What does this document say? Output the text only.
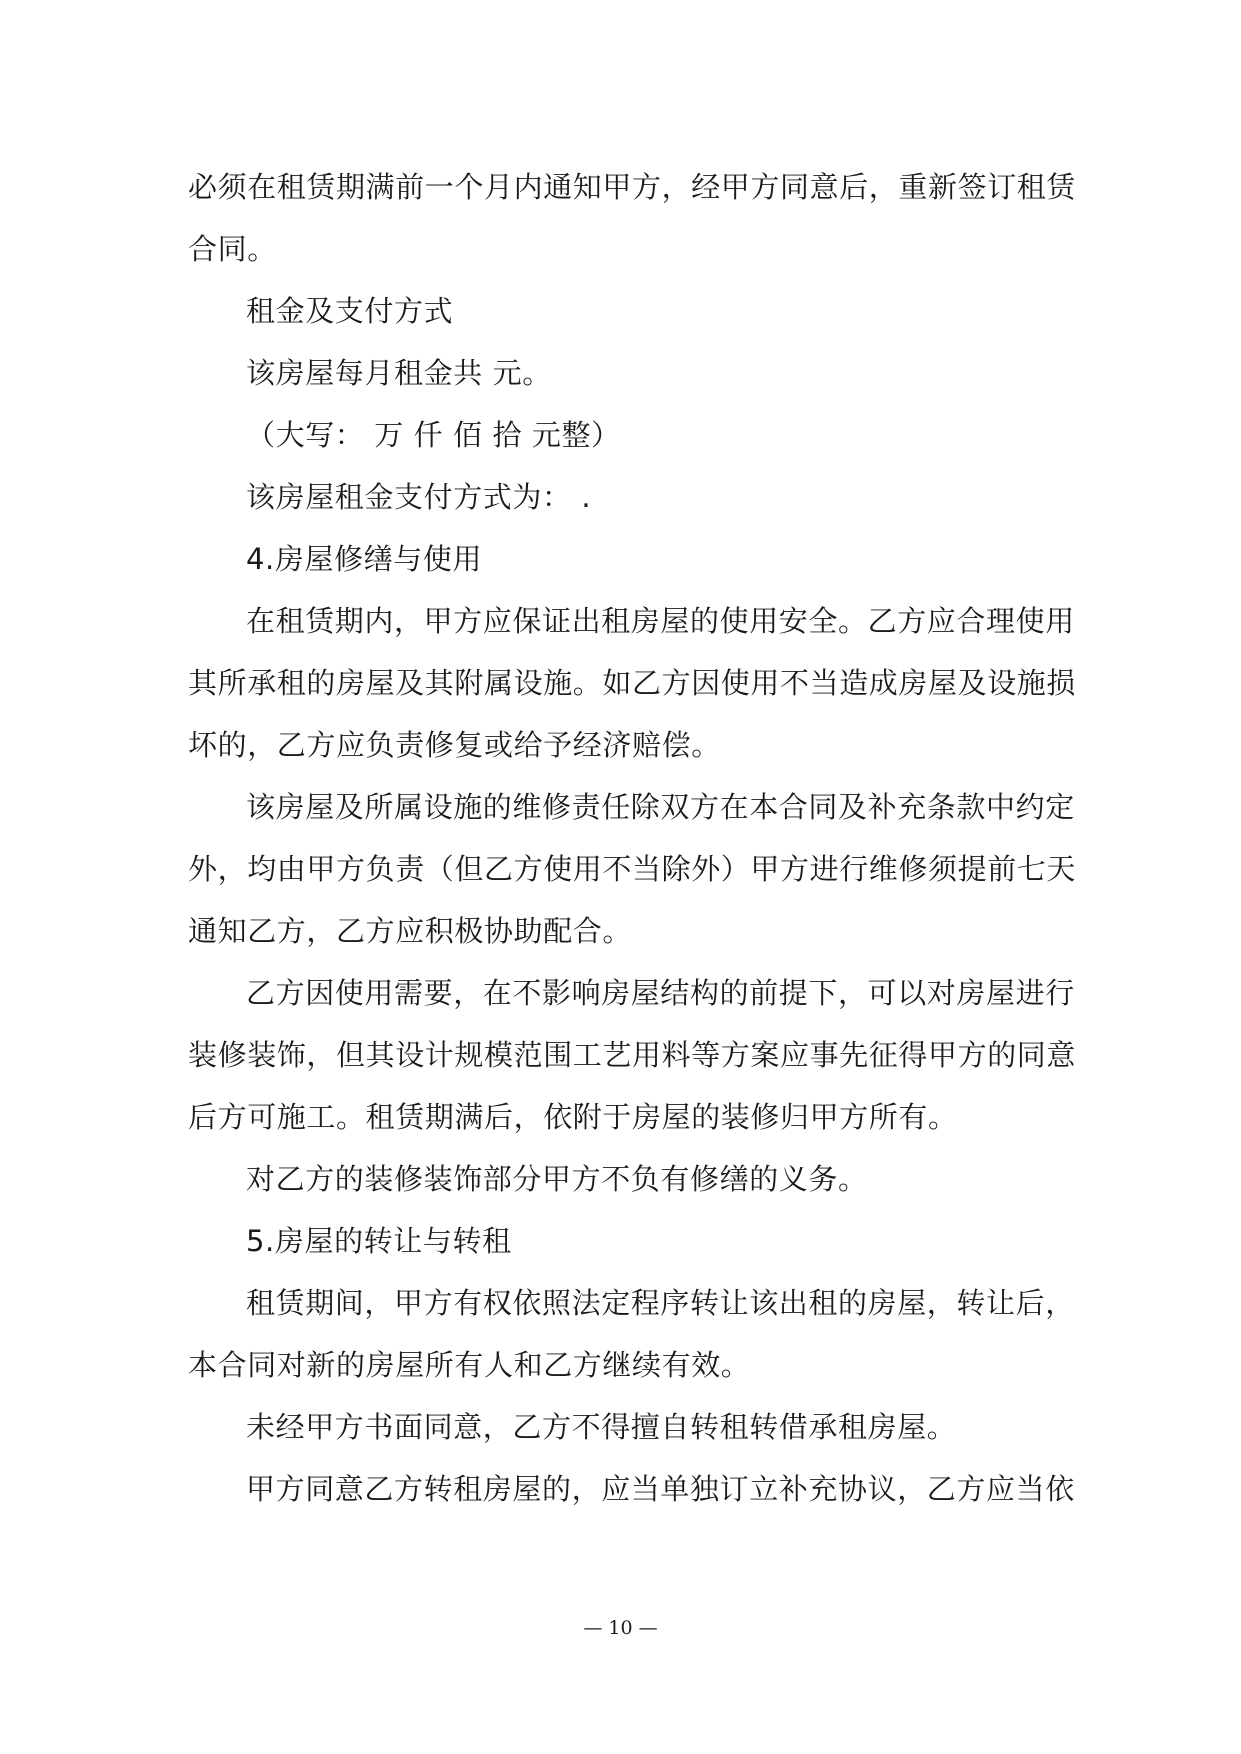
必须在租赁期满前一个月内通知甲方，经甲方同意后，重新签订租赁
合同。
租金及支付方式
该房屋每月租金共 元。
（大写： 万 仟 佰 拾 元整）
该房屋租金支付方式为： .
4.房屋修缮与使用
在租赁期内，甲方应保证出租房屋的使用安全。乙方应合理使用
其所承租的房屋及其附属设施。如乙方因使用不当造成房屋及设施损
坏的，乙方应负责修复或给予经济赔偿。
该房屋及所属设施的维修责任除双方在本合同及补充条款中约定
外，均由甲方负责（但乙方使用不当除外）甲方进行维修须提前七天
通知乙方，乙方应积极协助配合。
乙方因使用需要，在不影响房屋结构的前提下，可以对房屋进行
装修装饰，但其设计规模范围工艺用料等方案应事先征得甲方的同意
后方可施工。租赁期满后，依附于房屋的装修归甲方所有。
对乙方的装修装饰部分甲方不负有修缮的义务。
5.房屋的转让与转租
租赁期间，甲方有权依照法定程序转让该出租的房屋，转让后，
本合同对新的房屋所有人和乙方继续有效。
未经甲方书面同意，乙方不得擅自转租转借承租房屋。
甲方同意乙方转租房屋的，应当单独订立补充协议，乙方应当依
— 10 —
